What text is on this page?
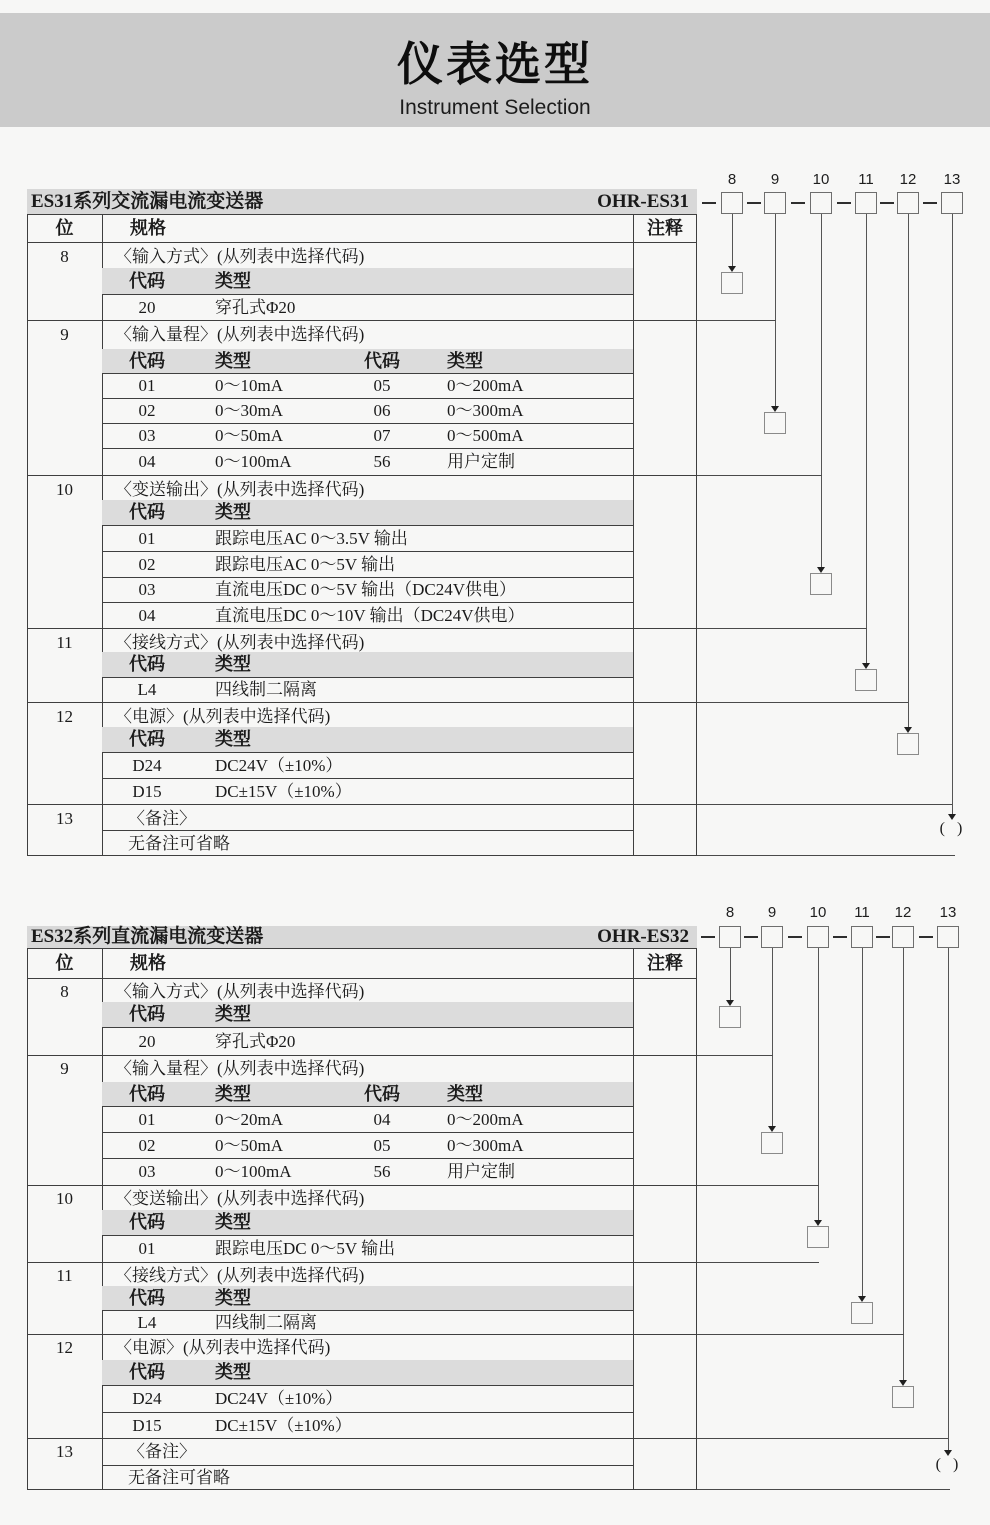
仪表选型
Instrument Selection
ES31系列交流漏电流变送器	OHR-ES31
位	规格	注释
8	〈输入方式〉(从列表中选择代码)
代码	类型
20	穿孔式Φ20
9	〈输入量程〉(从列表中选择代码)
代码	类型	代码	类型
01	0～10mA	05	0～200mA
02	0～30mA	06	0～300mA
03	0～50mA	07	0～500mA
04	0～100mA	56	用户定制
10	〈变送输出〉(从列表中选择代码)
代码	类型
01	跟踪电压AC 0～3.5V 输出
02	跟踪电压AC 0～5V 输出
03	直流电压DC 0～5V 输出（DC24V供电）
04	直流电压DC 0～10V 输出（DC24V供电）
11	〈接线方式〉(从列表中选择代码)
代码	类型
L4	四线制二隔离
12	〈电源〉(从列表中选择代码)
代码	类型
D24	DC24V（±10%）
D15	DC±15V（±10%）
13	〈备注〉
无备注可省略
8	9	10 11 12 13
( )
ES32系列直流漏电流变送器	OHR-ES32
位	规格	注释
8	〈输入方式〉(从列表中选择代码)
代码	类型
20	穿孔式Φ20
9	〈输入量程〉(从列表中选择代码)
代码	类型	代码	类型
01	0～20mA	04	0～200mA
02	0～50mA	05	0～300mA
03	0～100mA	56	用户定制
10	〈变送输出〉(从列表中选择代码)
代码	类型
01	跟踪电压DC 0～5V 输出
11	〈接线方式〉(从列表中选择代码)
代码	类型
L4	四线制二隔离
12	〈电源〉(从列表中选择代码)
代码	类型
D24	DC24V（±10%）
D15	DC±15V（±10%）
13	〈备注〉
无备注可省略
8	9	10 11 12 13
( )
